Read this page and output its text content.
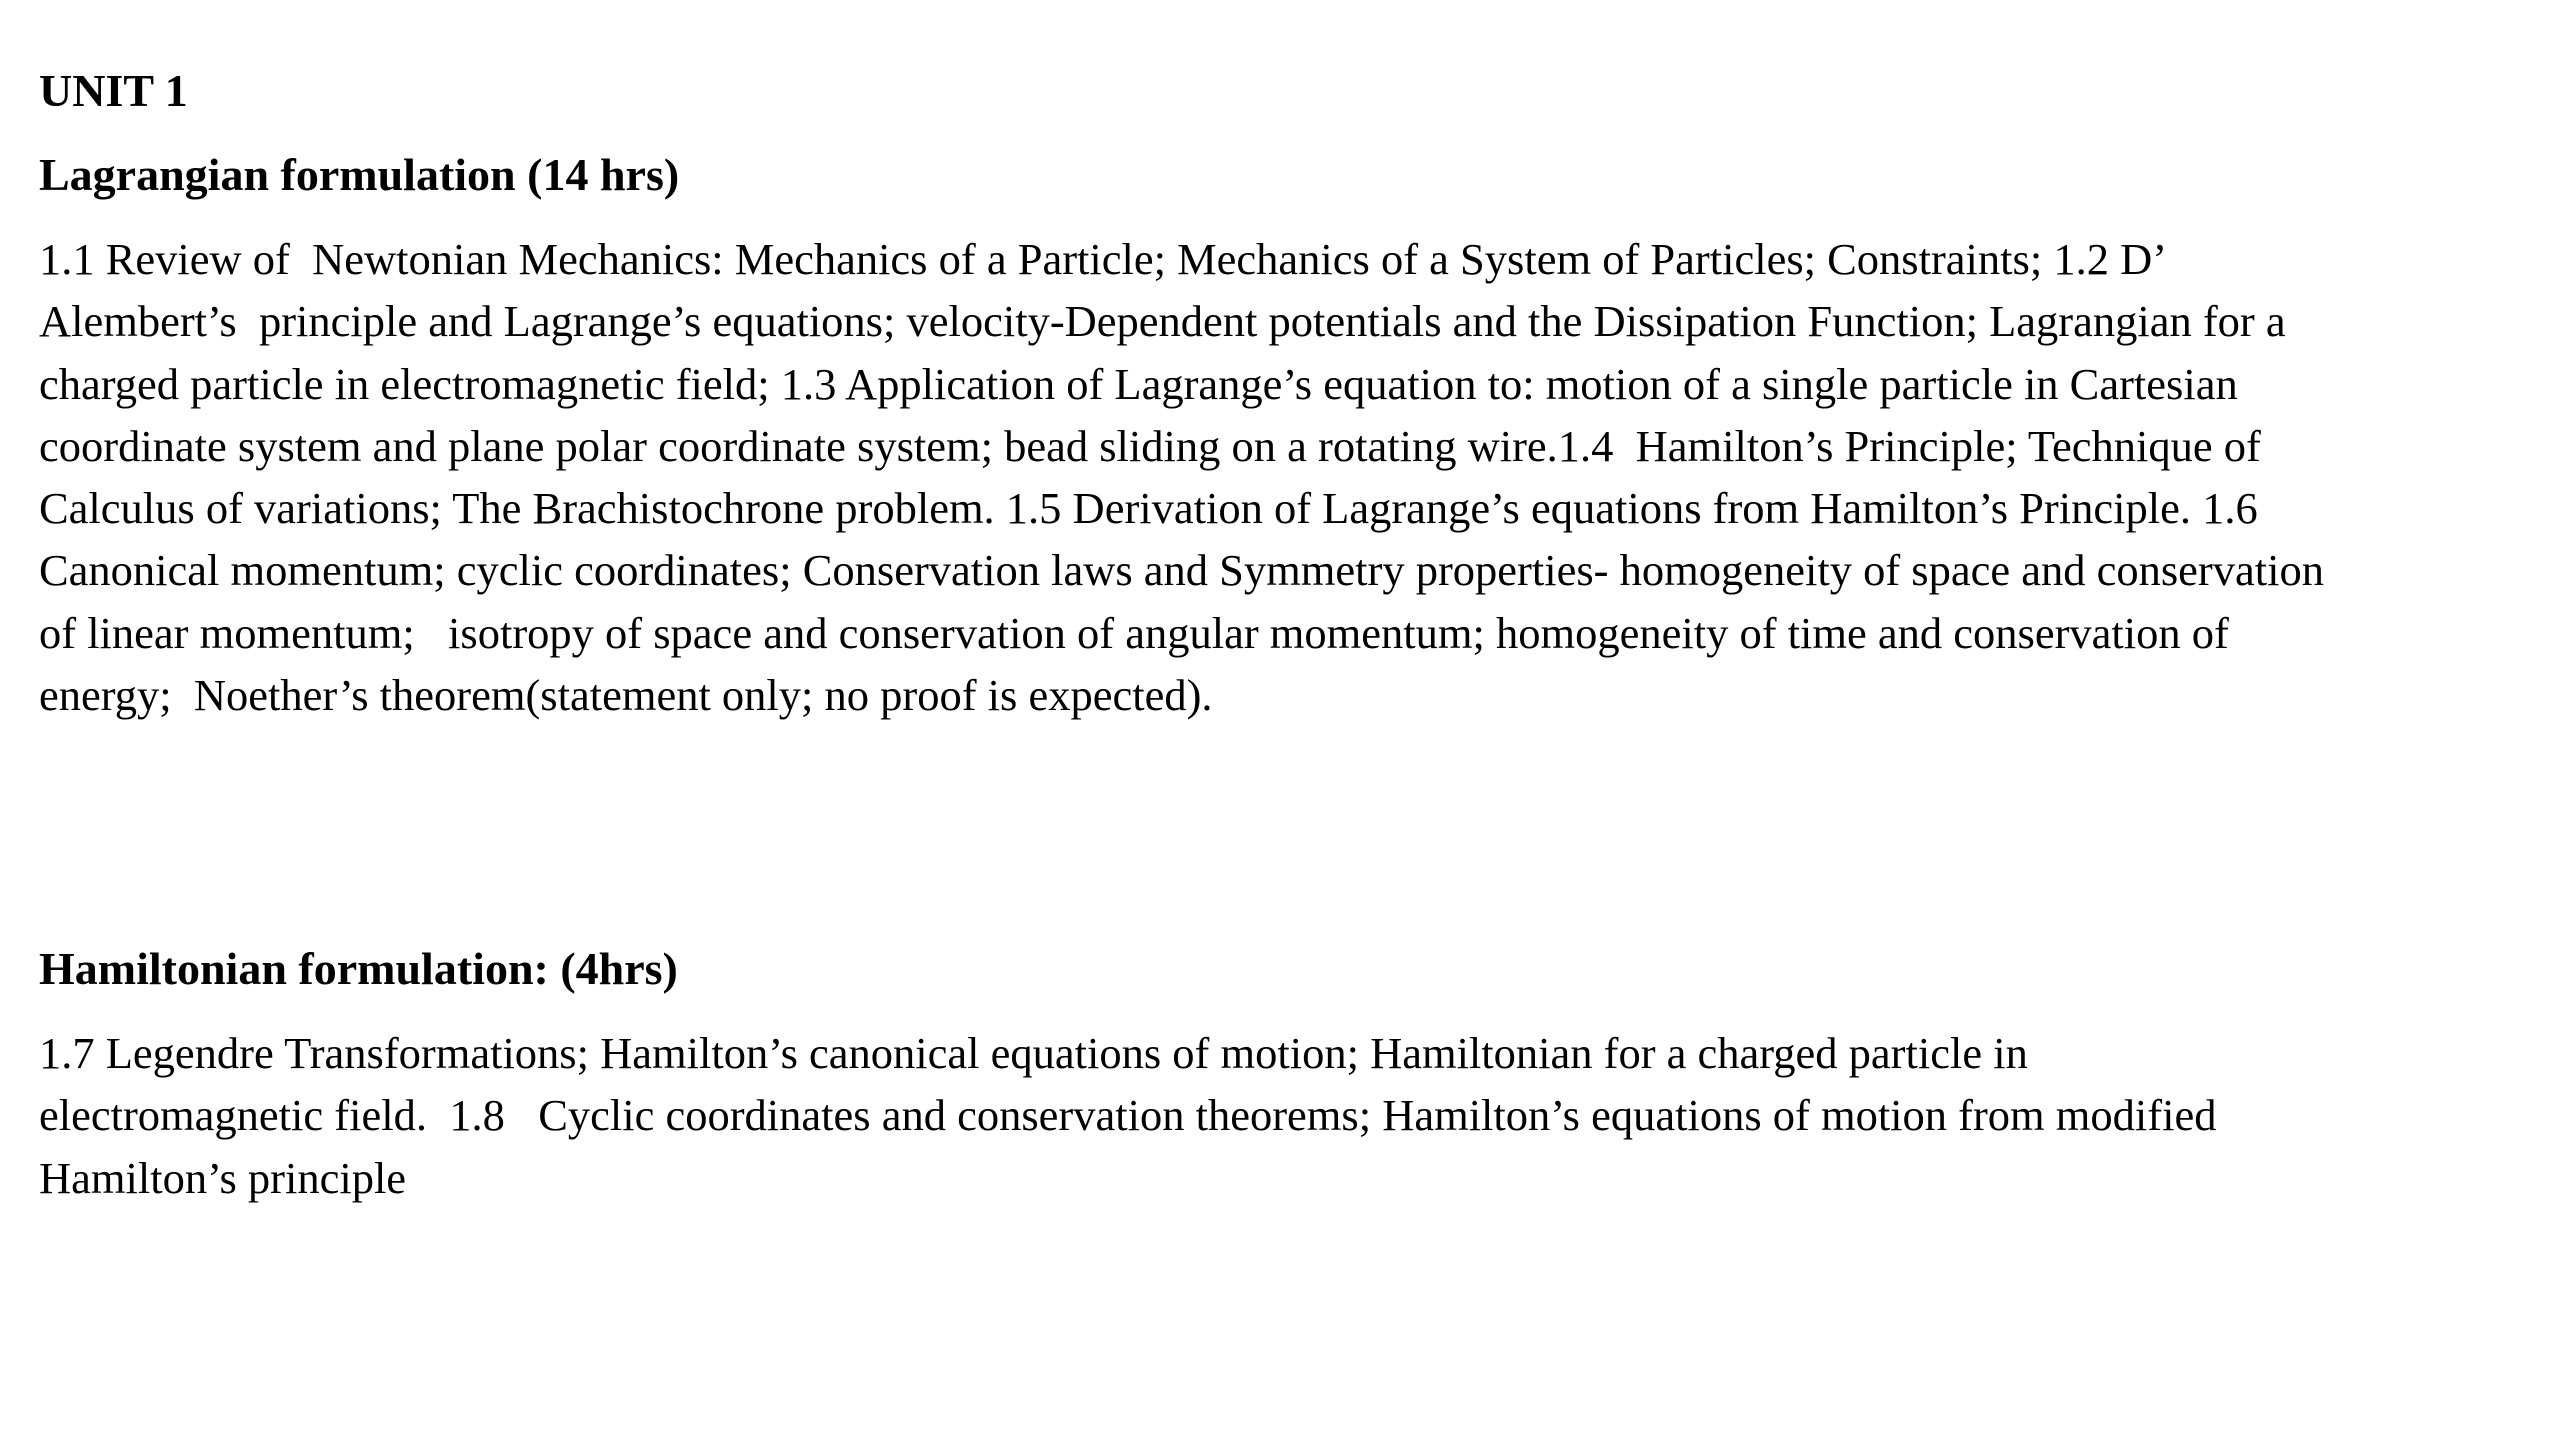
UNIT 1
Lagrangian formulation (14 hrs)

1.1 Review of  Newtonian Mechanics: Mechanics of a Particle; Mechanics of a System of Particles; Constraints; 1.2 D’
Alembert’s  principle and Lagrange’s equations; velocity-Dependent potentials and the Dissipation Function; Lagrangian for a
charged particle in electromagnetic field; 1.3 Application of Lagrange’s equation to: motion of a single particle in Cartesian
coordinate system and plane polar coordinate system; bead sliding on a rotating wire.1.4  Hamilton’s Principle; Technique of
Calculus of variations; The Brachistochrone problem. 1.5 Derivation of Lagrange’s equations from Hamilton’s Principle. 1.6
Canonical momentum; cyclic coordinates; Conservation laws and Symmetry properties- homogeneity of space and conservation
of linear momentum;   isotropy of space and conservation of angular momentum; homogeneity of time and conservation of
energy;  Noether’s theorem(statement only; no proof is expected).

Hamiltonian formulation: (4hrs)

1.7 Legendre Transformations; Hamilton’s canonical equations of motion; Hamiltonian for a charged particle in
electromagnetic field.  1.8   Cyclic coordinates and conservation theorems; Hamilton’s equations of motion from modified
Hamilton’s principle
